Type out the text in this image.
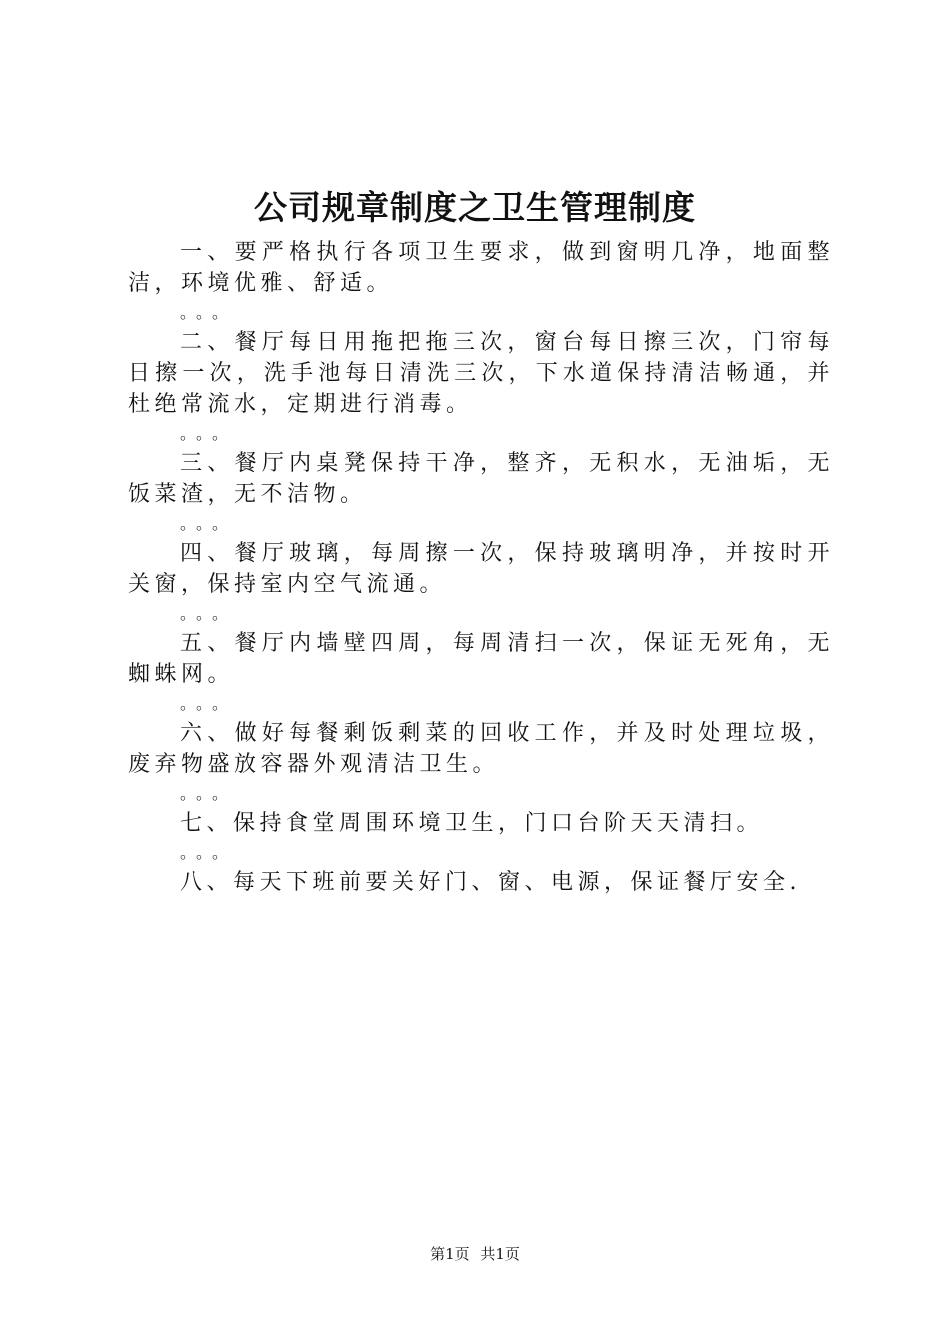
公司规章制度之卫生管理制度

一、要严格执行各项卫生要求，做到窗明几净，地面整洁，环境优雅、舒适。

。。。

二、餐厅每日用拖把拖三次，窗台每日擦三次，门帘每日擦一次，洗手池每日清洗三次，下水道保持清洁畅通，并杜绝常流水，定期进行消毒。

。。。

三、餐厅内桌凳保持干净，整齐，无积水，无油垢，无饭菜渣，无不洁物。

。。。

四、餐厅玻璃，每周擦一次，保持玻璃明净，并按时开关窗，保持室内空气流通。

。。。

五、餐厅内墙壁四周，每周清扫一次，保证无死角，无蜘蛛网。

。。。

六、做好每餐剩饭剩菜的回收工作，并及时处理垃圾，废弃物盛放容器外观清洁卫生。

。。。

七、保持食堂周围环境卫生，门口台阶天天清扫。

。。。

八、每天下班前要关好门、窗、电源，保证餐厅安全.

第1页 共1页
